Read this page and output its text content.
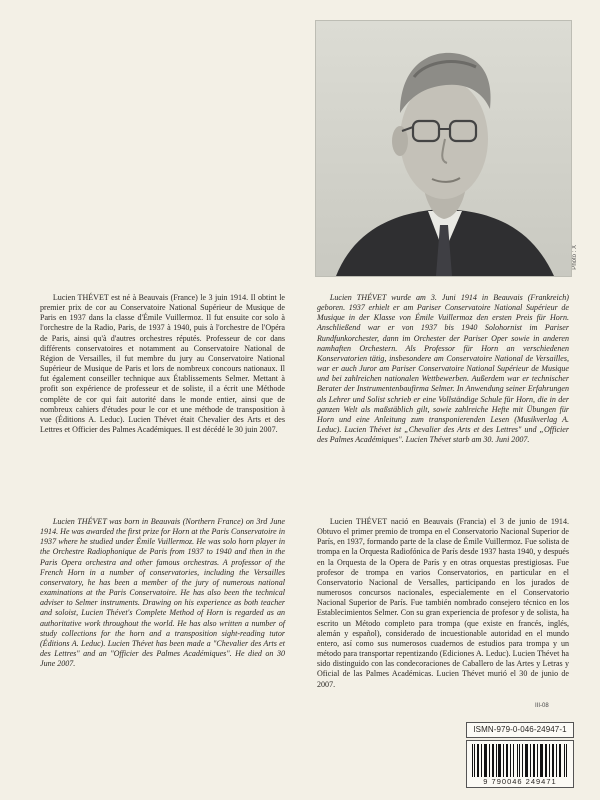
Photo : X

Lucien THÉVET est né à Beauvais (France) le 3 juin 1914. Il obtint le premier prix de cor au Conservatoire National Supérieur de Musique de Paris en 1937 dans la classe d'Émile Vuillermoz. Il fut ensuite cor solo à l'orchestre de la Radio, Paris, de 1937 à 1940, puis à l'orchestre de l'Opéra de Paris, ainsi qu'à d'autres orchestres réputés. Professeur de cor dans différents conservatoires et notamment au Conservatoire National de Région de Versailles, il fut membre du jury au Conservatoire National Supérieur de Musique de Paris et lors de nombreux concours nationaux. Il fut également conseiller technique aux Établissements Selmer. Mettant à profit son expérience de professeur et de soliste, il a écrit une Méthode complète de cor qui fait autorité dans le monde entier, ainsi que de nombreux cahiers d'études pour le cor et une méthode de transposition à vue (Éditions A. Leduc). Lucien Thévet était Chevalier des Arts et des Lettres et Officier des Palmes Académiques. Il est décédé le 30 juin 2007.

Lucien THÉVET was born in Beauvais (Northern France) on 3rd June 1914. He was awarded the first prize for Horn at the Paris Conservatoire in 1937 where he studied under Émile Vuillermoz. He was solo horn player in the Orchestre Radiophonique de Paris from 1937 to 1940 and then in the Paris Opera orchestra and other famous orchestras. A professor of the French Horn in a number of conservatories, including the Versailles conservatory, he has been a member of the jury of numerous national examinations at the Paris Conservatoire. He has also been the technical adviser to Selmer instruments. Drawing on his experience as both teacher and soloist, Lucien Thévet's Complete Method of Horn is regarded as an authoritative work throughout the world. He has also written a number of study collections for the horn and a transposition sight-reading tutor (Éditions A. Leduc). Lucien Thévet has been made a "Chevalier des Arts et des Lettres" and an "Officier des Palmes Académiques". He died on 30 June 2007.

Lucien THÉVET wurde am 3. Juni 1914 in Beauvais (Frankreich) geboren. 1937 erhielt er am Pariser Conservatoire National Supérieur de Musique in der Klasse von Émile Vuillermoz den ersten Preis für Horn. Anschließend war er von 1937 bis 1940 Solohornist im Pariser Rundfunkorchester, dann im Orchester der Pariser Oper sowie in anderen namhaften Orchestern. Als Professor für Horn an verschiedenen Konservatorien tätig, insbesondere am Conservatoire National de Versailles, war er auch Juror am Pariser Conservatoire National Supérieur de Musique und bei zahlreichen nationalen Wettbewerben. Außerdem war er technischer Berater der Instrumentenbaufirma Selmer. In Anwendung seiner Erfahrungen als Lehrer und Solist schrieb er eine Vollständige Schule für Horn, die in der ganzen Welt als maßstäblich gilt, sowie zahlreiche Hefte mit Übungen für Horn und eine Anleitung zum transponierenden Lesen (Musikverlag A. Leduc). Lucien Thévet ist „Chevalier des Arts et des Lettres" und „Officier des Palmes Académiques". Lucien Thévet starb am 30. Juni 2007.

Lucien THÉVET nació en Beauvais (Francia) el 3 de junio de 1914. Obtuvo el primer premio de trompa en el Conservatorio Nacional Superior de París, en 1937, formando parte de la clase de Émile Vuillermoz. Fue solista de trompa en la Orquesta Radiofónica de París desde 1937 hasta 1940, y después en la Orquesta de la Opera de París y en otras orquestas prestigiosas. Fue profesor de trompa en varios Conservatorios, en particular en el Conservatorio Nacional de Versalles, participando en los jurados de numerosos concursos nacionales, especialemente en el Conservatorio Nacional Superior de París. Fue también nombrado consejero técnico en los Establecimientos Selmer. Con su gran experiencia de profesor y de solista, ha escrito un Método completo para trompa (que existe en francés, inglés, alemán y español), considerado de incuestionable autoridad en el mundo entero, así como sus numerosos cuadernos de estudios para trompa y un método para transportar repentizando (Ediciones A. Leduc). Lucien Thévet ha sido distinguido con las condecoraciones de Caballero de las Artes y Letras y Oficial de las Palmes Académicas. Lucien Thévet murió el 30 de junio de 2007.

III-08
ISMN-979-0-046-24947-1
9 790046 249471
